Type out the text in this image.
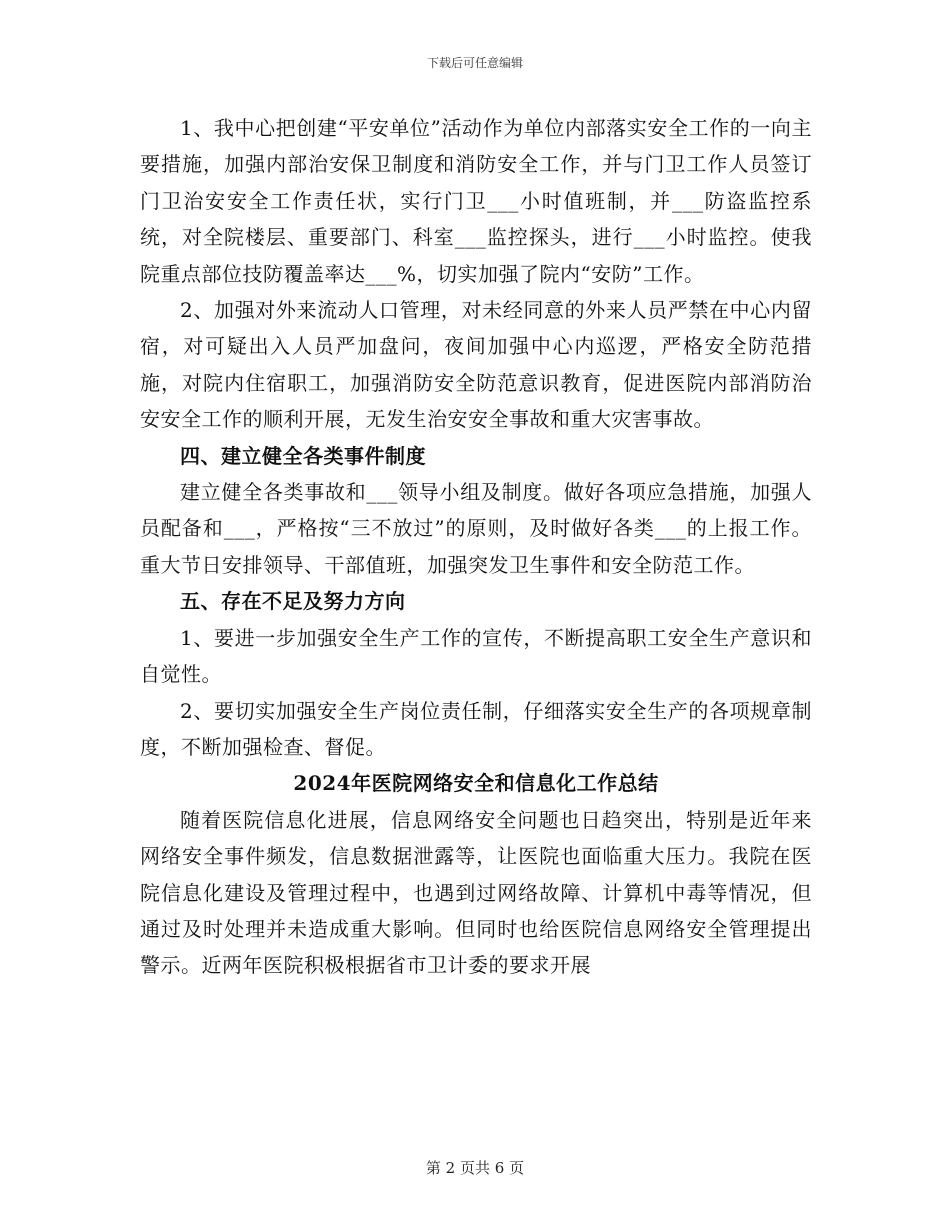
下载后可任意编辑

1、我中心把创建“平安单位”活动作为单位内部落实安全工作的一向主要措施，加强内部治安保卫制度和消防安全工作，并与门卫工作人员签订门卫治安安全工作责任状，实行门卫___小时值班制，并___防盗监控系统，对全院楼层、重要部门、科室___监控探头，进行___小时监控。使我院重点部位技防覆盖率达___%，切实加强了院内“安防”工作。

2、加强对外来流动人口管理，对未经同意的外来人员严禁在中心内留宿，对可疑出入人员严加盘问，夜间加强中心内巡逻，严格安全防范措施，对院内住宿职工，加强消防安全防范意识教育，促进医院内部消防治安安全工作的顺利开展，无发生治安安全事故和重大灾害事故。

四、建立健全各类事件制度

建立健全各类事故和___领导小组及制度。做好各项应急措施，加强人员配备和___，严格按“三不放过”的原则，及时做好各类___的上报工作。重大节日安排领导、干部值班，加强突发卫生事件和安全防范工作。

五、存在不足及努力方向

1、要进一步加强安全生产工作的宣传，不断提高职工安全生产意识和自觉性。

2、要切实加强安全生产岗位责任制，仔细落实安全生产的各项规章制度，不断加强检查、督促。

2024年医院网络安全和信息化工作总结

随着医院信息化进展，信息网络安全问题也日趋突出，特别是近年来网络安全事件频发，信息数据泄露等，让医院也面临重大压力。我院在医院信息化建设及管理过程中，也遇到过网络故障、计算机中毒等情况，但通过及时处理并未造成重大影响。但同时也给医院信息网络安全管理提出警示。近两年医院积极根据省市卫计委的要求开展

第 2 页共 6 页
